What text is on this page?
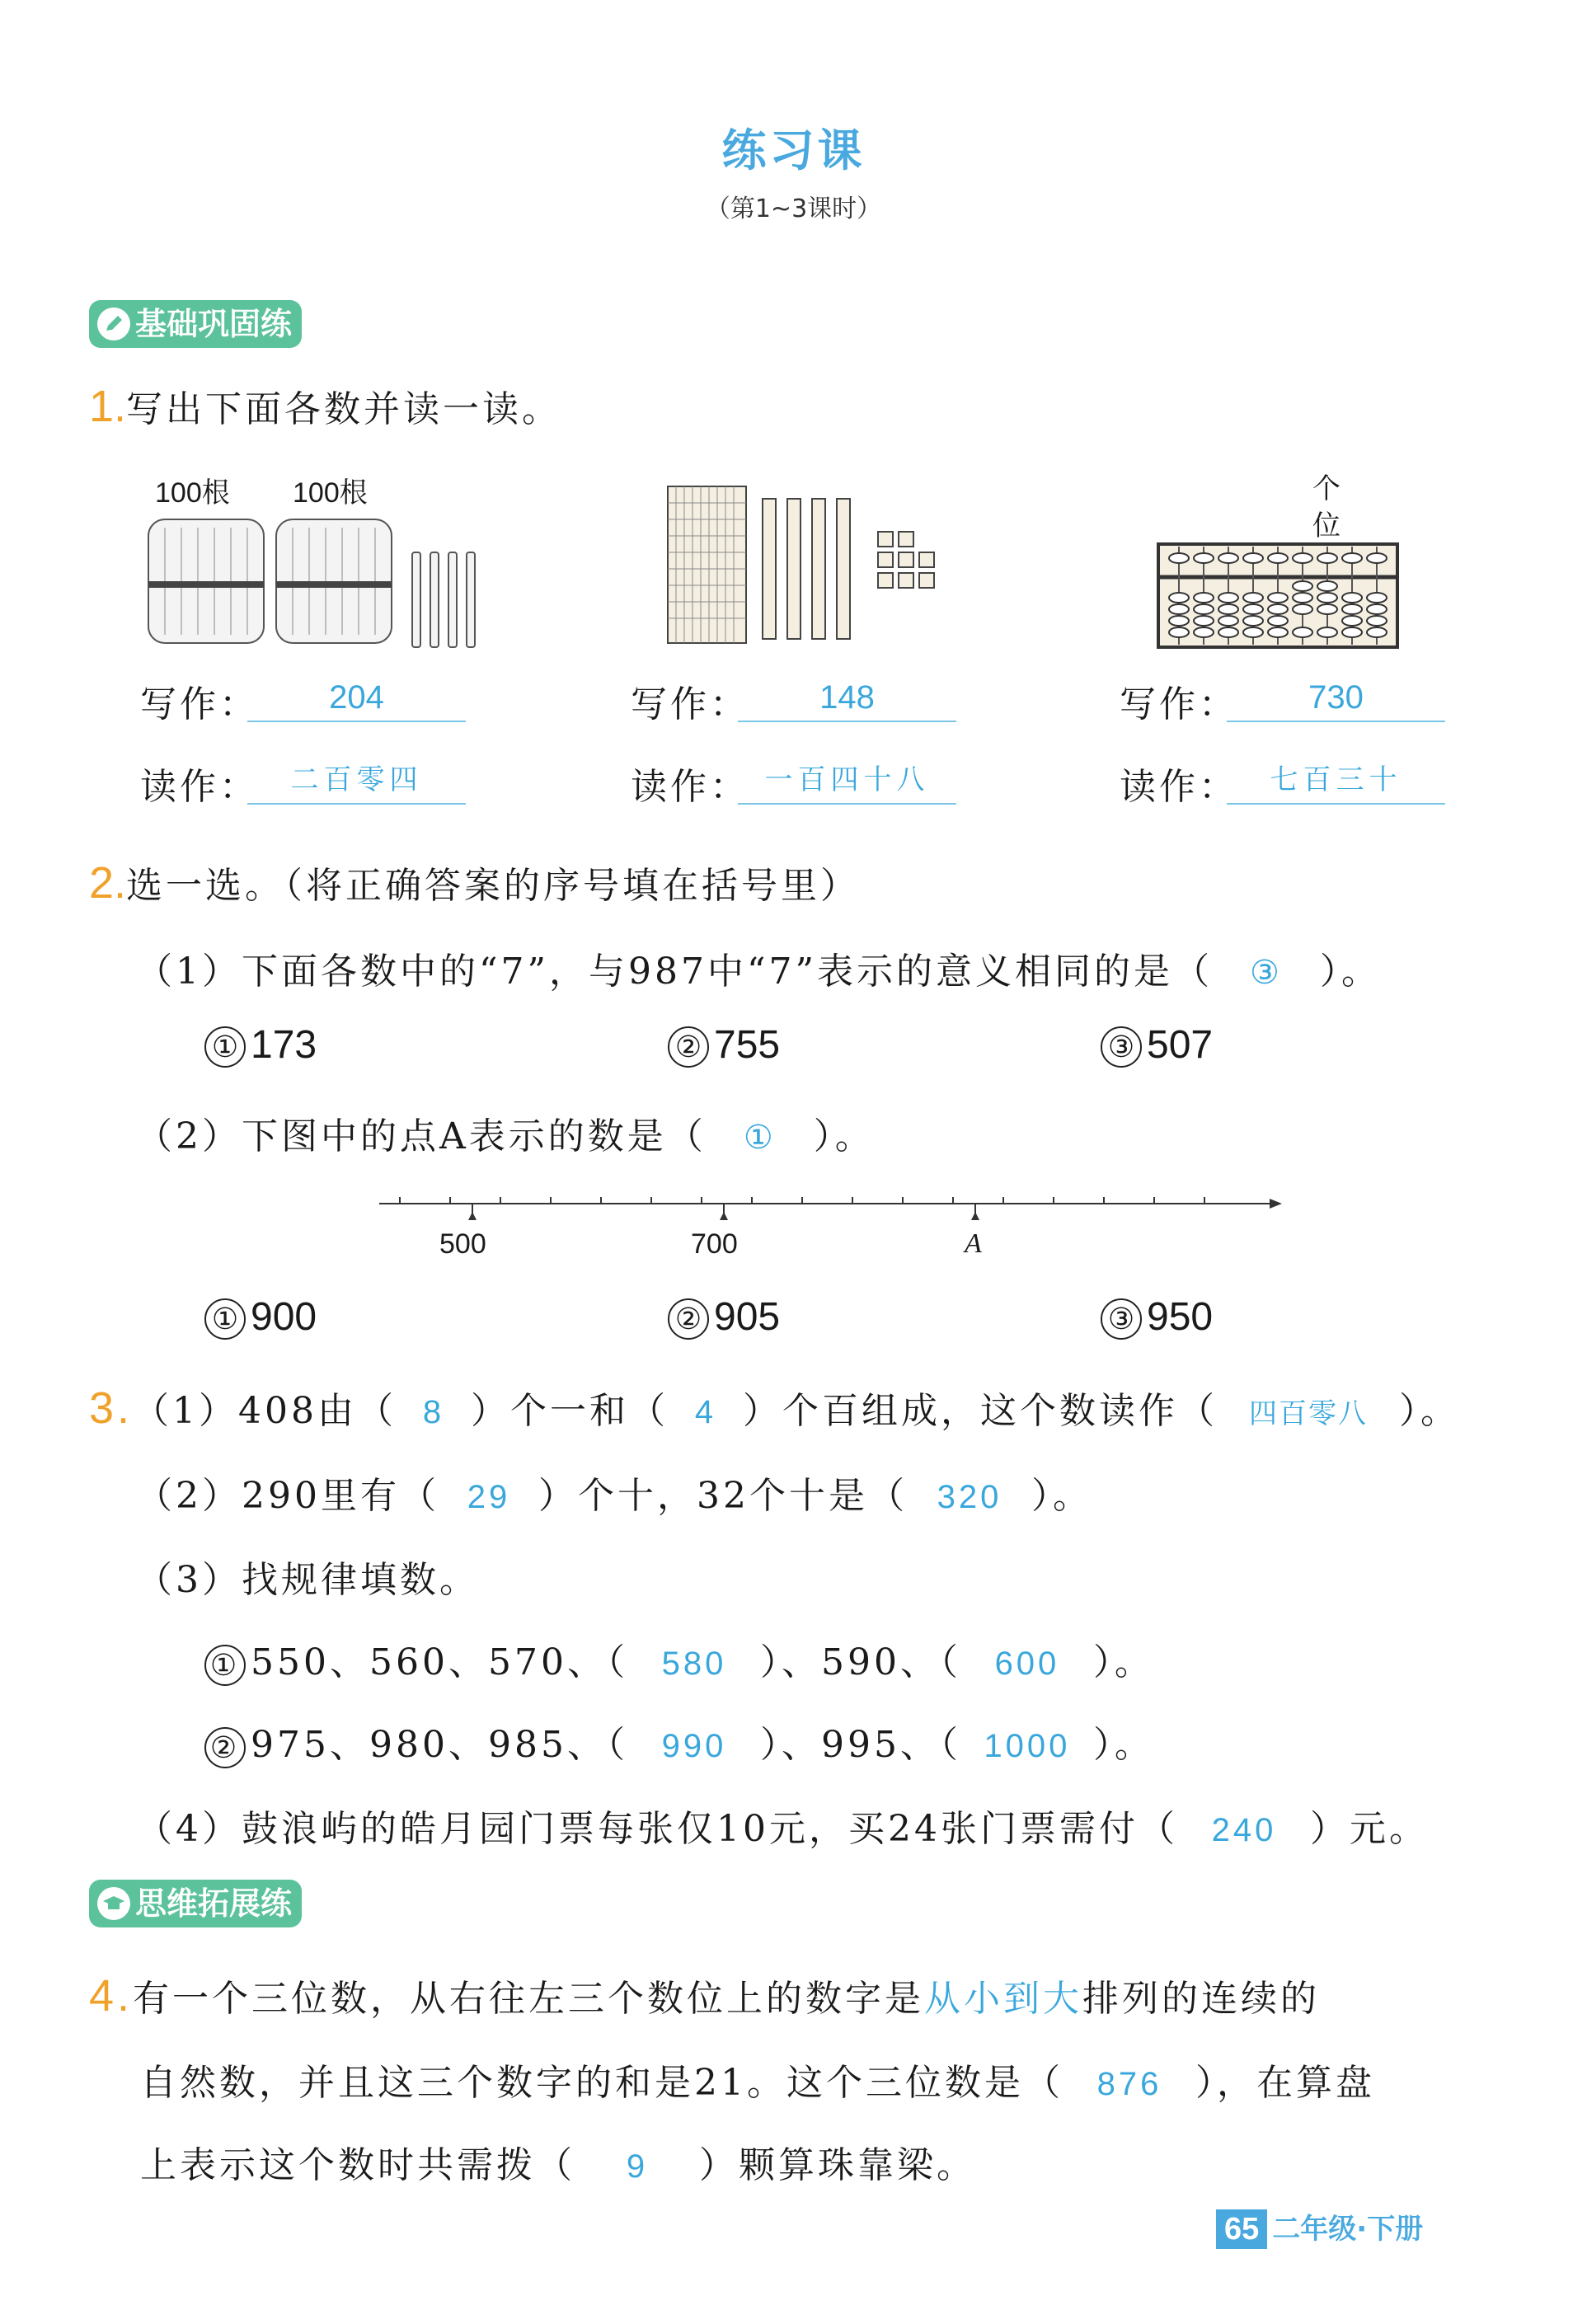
练习课
（第1~3课时）
基础巩固练
1.写出下面各数并读一读。
100根 100根	个
位
写作：	204	写作：	148	写作：	730
读作：	二百零四	读作： 一百四十八	读作：	七百三十
2.选一选。（将正确答案的序号填在括号里）
（1）下面各数中的“7”，与987中“7”表示的意义相同的是（ ③ ）。
① 173	② 755	③ 507
（2）下图中的点A表示的数是（ ① ）。
500	700	A
① 900	② 905	③ 950
3.（1）408由（ 8 ）个一和（ 4 ）个百组成，这个数读作（ 四百零八 ）。
（2）290里有（ 29 ）个十，32个十是（ 320 ）。
（3）找规律填数。
① 550、560、570、（ 580 ）、590、（ 600 ）。
② 975、980、985、（ 990 ）、995、（ 1000 ）。
（4）鼓浪屿的皓月园门票每张仅10元，买24张门票需付（ 240 ）元。
思维拓展练
4.有一个三位数，从右往左三个数位上的数字是从小到大排列的连续的
自然数，并且这三个数字的和是21。这个三位数是（ 876 ），在算盘
上表示这个数时共需拨（ 9 ）颗算珠靠梁。
65 二年级·下册
